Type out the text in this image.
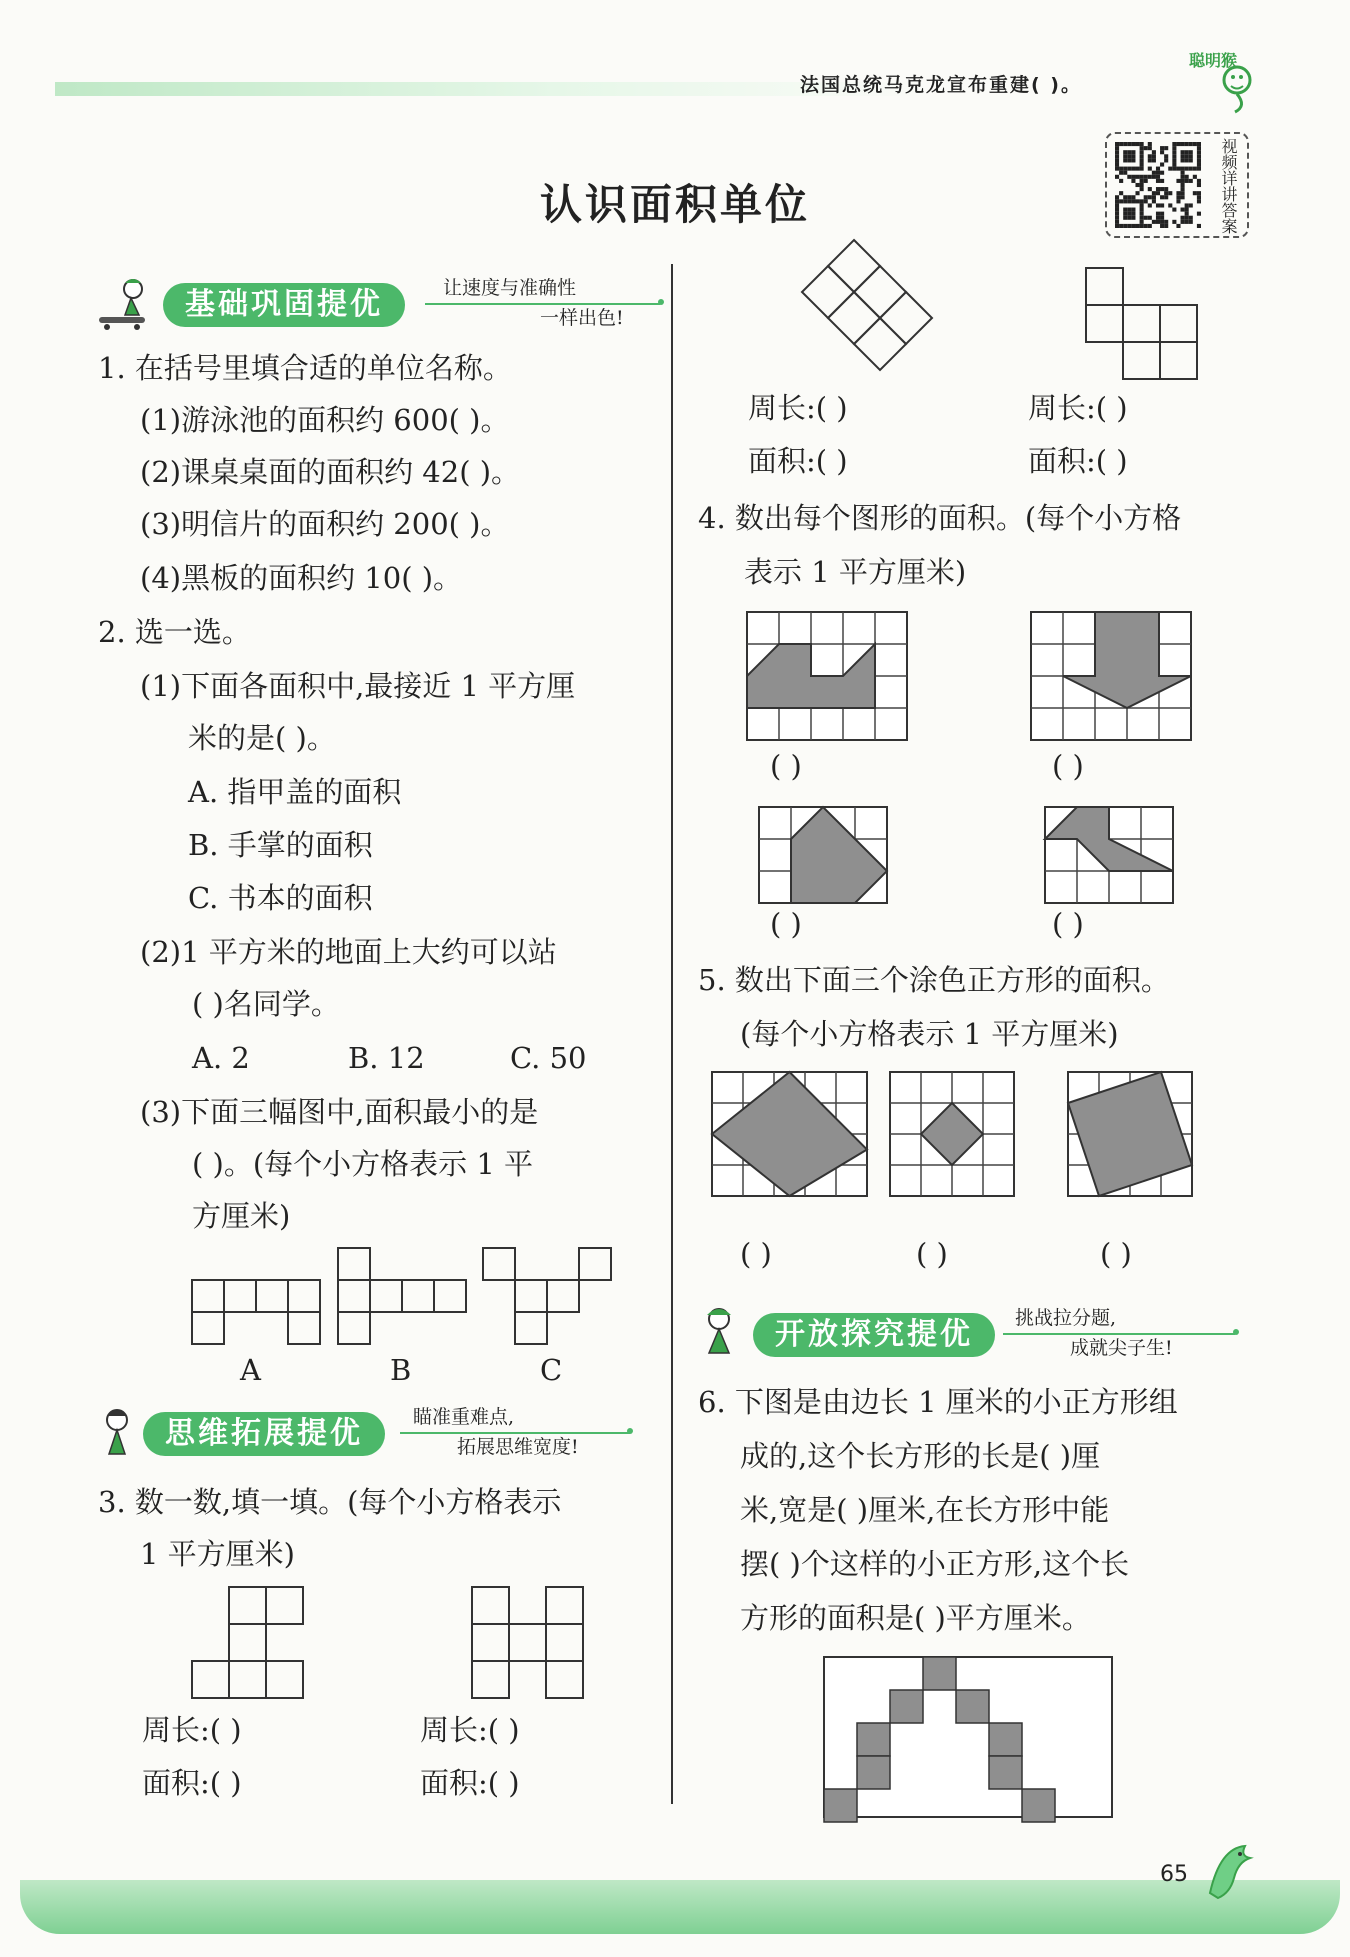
法国总统马克龙宣布重建( )。
聪明猴
视频详讲答案
认识面积单位
基础巩固提优	让速度与准确性
一样出色!
1. 在括号里填合适的单位名称。
(1)游泳池的面积约 600( )。
(2)课桌桌面的面积约 42( )。
(3)明信片的面积约 200( )。
(4)黑板的面积约 10( )。
2. 选一选。
(1)下面各面积中,最接近 1 平方厘
米的是( )。
A. 指甲盖的面积
B. 手掌的面积
C. 书本的面积
(2)1 平方米的地面上大约可以站
( )名同学。
A. 2	B. 12	C. 50
(3)下面三幅图中,面积最小的是
( )。(每个小方格表示 1 平
方厘米)
A	B	C
思维拓展提优	瞄准重难点,
拓展思维宽度!
3. 数一数,填一填。(每个小方格表示
1 平方厘米)
周长:( )
面积:( )
周长:( )
面积:( )
周长:( )
面积:( )
周长:( )
面积:( )
4. 数出每个图形的面积。(每个小方格
表示 1 平方厘米)
( )	( )
( )	( )
5. 数出下面三个涂色正方形的面积。
(每个小方格表示 1 平方厘米)
( )	( )	( )
开放探究提优	挑战拉分题,
成就尖子生!
6. 下图是由边长 1 厘米的小正方形组
成的,这个长方形的长是( )厘
米,宽是( )厘米,在长方形中能
摆( )个这样的小正方形,这个长
方形的面积是( )平方厘米。
65
